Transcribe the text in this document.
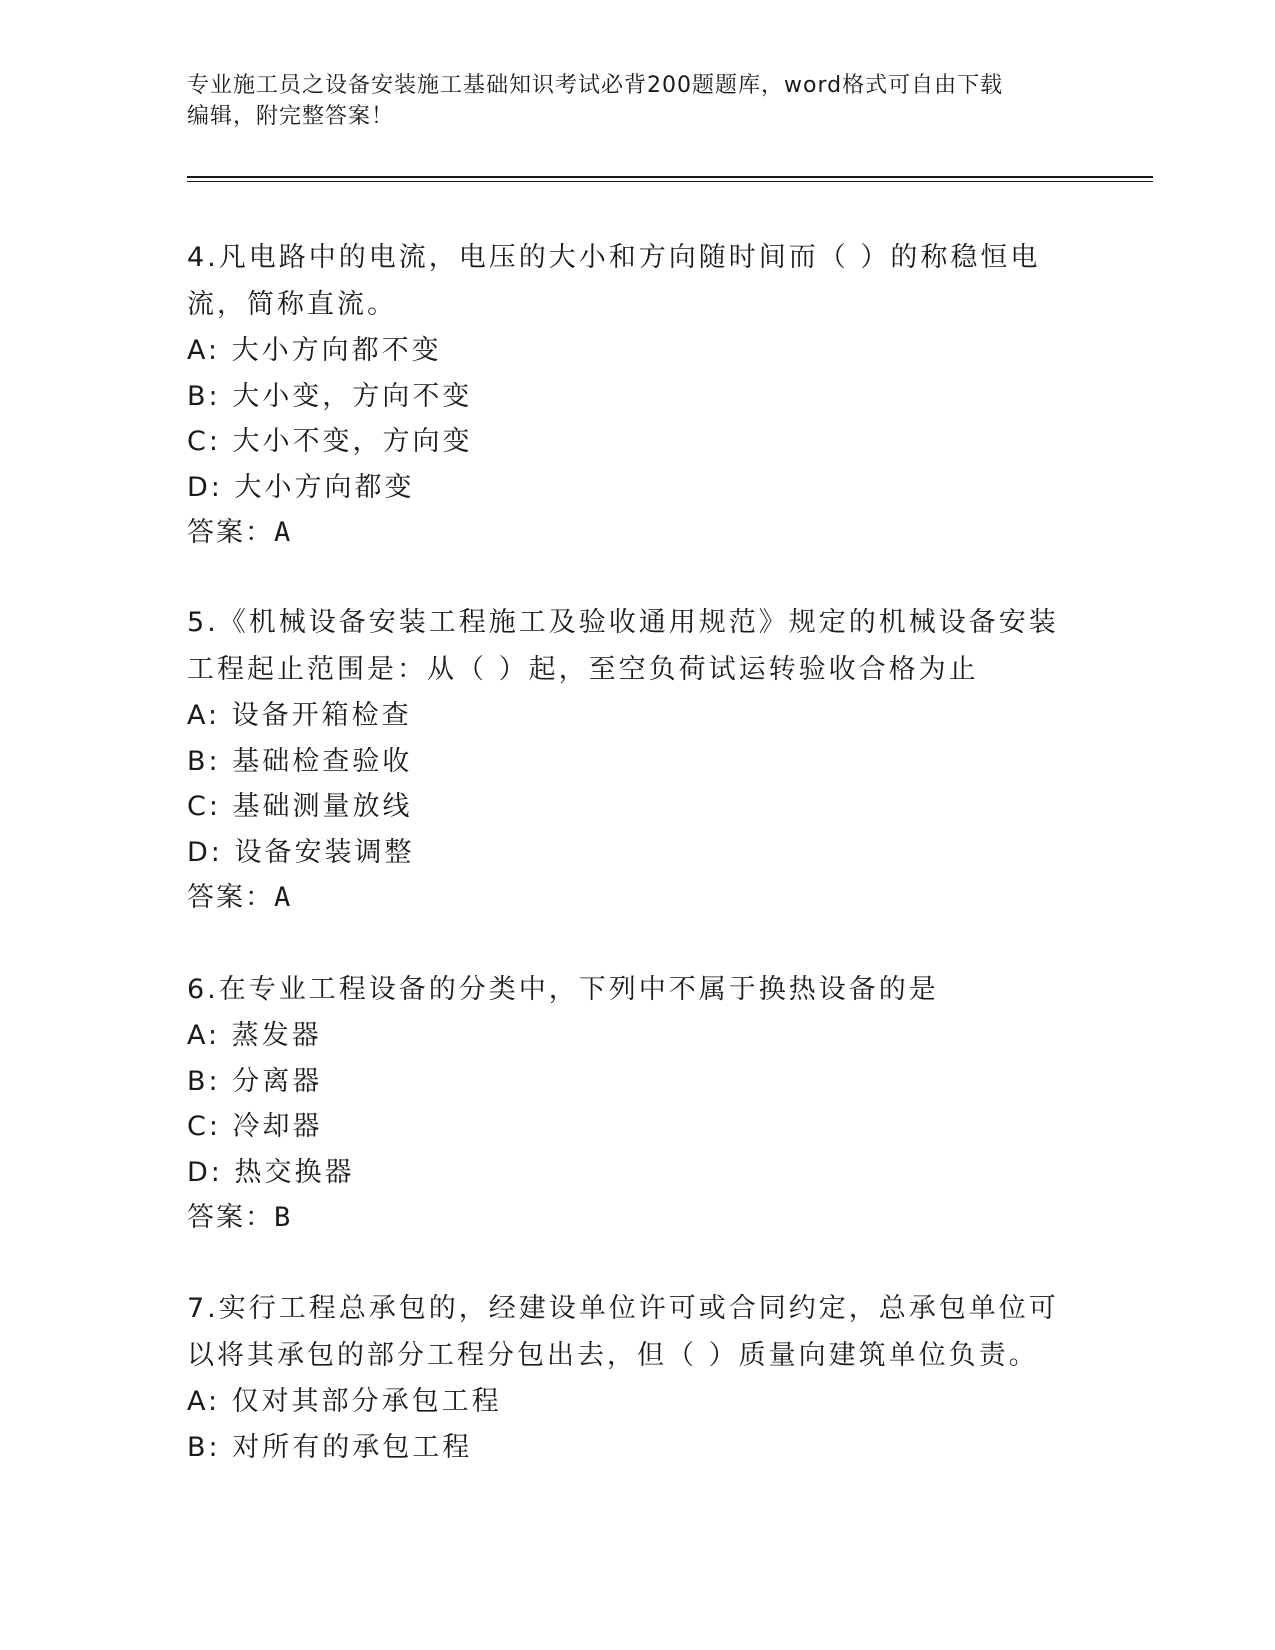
专业施工员之设备安装施工基础知识考试必背200题题库，word格式可自由下载
编辑，附完整答案！
4.凡电路中的电流，电压的大小和方向随时间而（ ）的称稳恒电流，简称直流。
A: 大小方向都不变
B: 大小变，方向不变
C: 大小不变，方向变
D: 大小方向都变
答案：A
5.《机械设备安装工程施工及验收通用规范》规定的机械设备安装工程起止范围是：从（ ）起，至空负荷试运转验收合格为止
A: 设备开箱检查
B: 基础检查验收
C: 基础测量放线
D: 设备安装调整
答案：A
6.在专业工程设备的分类中，下列中不属于换热设备的是
A: 蒸发器
B: 分离器
C: 冷却器
D: 热交换器
答案：B
7.实行工程总承包的，经建设单位许可或合同约定，总承包单位可以将其承包的部分工程分包出去，但（ ）质量向建筑单位负责。
A: 仅对其部分承包工程
B: 对所有的承包工程
